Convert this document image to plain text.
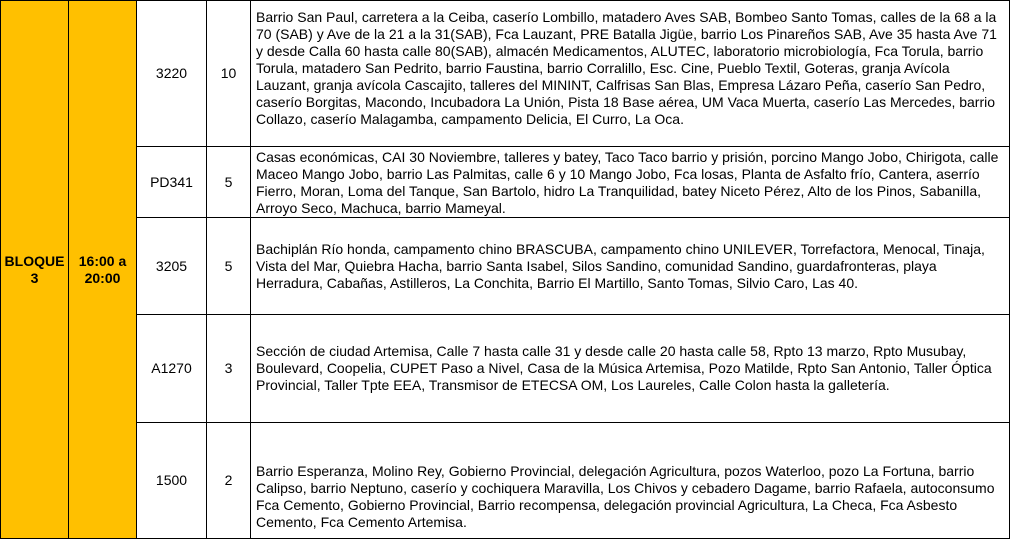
BLOQUE 3	16:00 a 20:00	3220	10	Barrio San Paul, carretera a la Ceiba, caserío Lombillo, matadero Aves SAB, Bombeo Santo Tomas, calles de la 68 a la 70 (SAB) y Ave de la 21 a la 31(SAB), Fca Lauzant, PRE Batalla Jigüe, barrio Los Pinareños SAB, Ave 35 hasta Ave 71 y desde Calla 60 hasta calle 80(SAB), almacén Medicamentos, ALUTEC, laboratorio microbiología, Fca Torula, barrio Torula, matadero San Pedrito, barrio Faustina, barrio Corralillo, Esc. Cine, Pueblo Textil, Goteras, granja Avícola Lauzant, granja avícola Cascajito, talleres del MININT, Calfrisas San Blas, Empresa Lázaro Peña, caserío San Pedro, caserío Borgitas, Macondo, Incubadora La Unión, Pista 18 Base aérea, UM Vaca Muerta, caserío Las Mercedes, barrio Collazo, caserío Malagamba, campamento Delicia, El Curro, La Oca.
		PD341	5	Casas económicas, CAI 30 Noviembre, talleres y batey, Taco Taco barrio y prisión, porcino Mango Jobo, Chirigota, calle Maceo Mango Jobo, barrio Las Palmitas, calle 6 y 10 Mango Jobo, Fca losas, Planta de Asfalto frío, Cantera, aserrío Fierro, Moran, Loma del Tanque, San Bartolo, hidro La Tranquilidad, batey Niceto Pérez, Alto de los Pinos, Sabanilla, Arroyo Seco, Machuca, barrio Mameyal.
		3205	5	Bachiplán Río honda, campamento chino BRASCUBA, campamento chino UNILEVER, Torrefactora, Menocal, Tinaja, Vista del Mar, Quiebra Hacha, barrio Santa Isabel, Silos Sandino, comunidad Sandino, guardafronteras, playa Herradura, Cabañas, Astilleros, La Conchita, Barrio El Martillo, Santo Tomas, Silvio Caro, Las 40.
		A1270	3	Sección de ciudad Artemisa, Calle 7 hasta calle 31 y desde calle 20 hasta calle 58, Rpto 13 marzo, Rpto Musubay, Boulevard, Coopelia, CUPET Paso a Nivel, Casa de la Música Artemisa, Pozo Matilde, Rpto San Antonio, Taller Óptica Provincial, Taller Tpte EEA, Transmisor de ETECSA OM, Los Laureles, Calle Colon hasta la galletería.
		1500	2	Barrio Esperanza, Molino Rey, Gobierno Provincial, delegación Agricultura, pozos Waterloo, pozo La Fortuna, barrio Calipso, barrio Neptuno, caserío y cochiquera Maravilla, Los Chivos y cebadero Dagame, barrio Rafaela, autoconsumo Fca Cemento, Gobierno Provincial, Barrio recompensa, delegación provincial Agricultura, La Checa, Fca Asbesto Cemento, Fca Cemento Artemisa.
